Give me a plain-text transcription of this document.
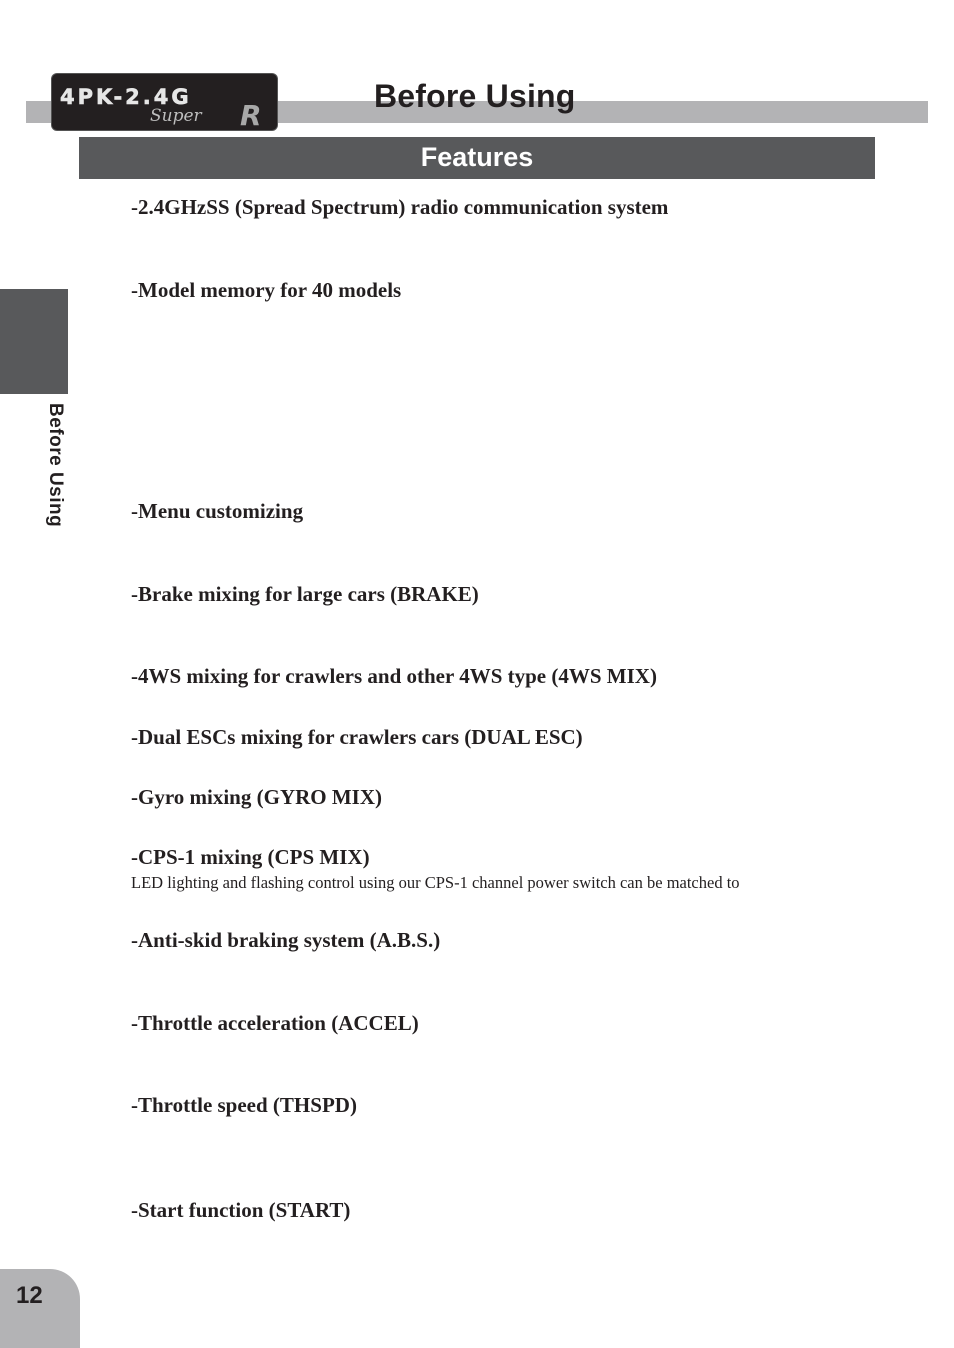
4PK-2.4G
Super R
Before Using
Features
Before Using
-2.4GHzSS (Spread Spectrum) radio communication system
-Model memory for 40 models
-Menu customizing
-Brake mixing for large cars (BRAKE)
-4WS mixing for crawlers and other 4WS type (4WS MIX)
-Dual ESCs mixing for crawlers cars (DUAL ESC)
-Gyro mixing (GYRO MIX)
-CPS-1 mixing (CPS MIX)
LED lighting and flashing control using our CPS-1 channel power switch can be matched to
-Anti-skid braking system (A.B.S.)
-Throttle acceleration (ACCEL)
-Throttle speed (THSPD)
-Start function (START)
12
